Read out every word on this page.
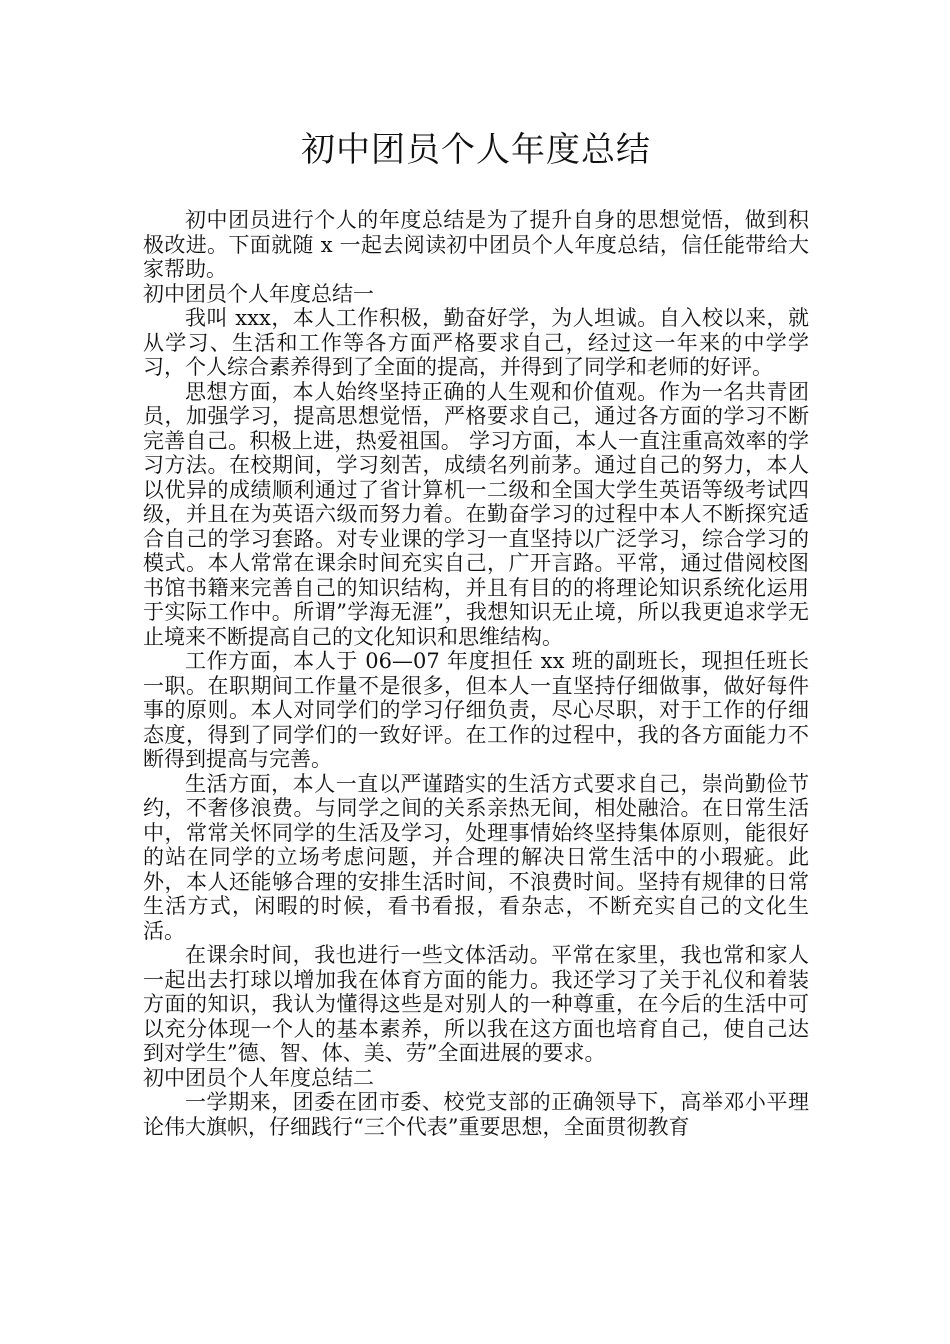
初中团员个人年度总结

初中团员进行个人的年度总结是为了提升自身的思想觉悟，做到积极改进。下面就随 x 一起去阅读初中团员个人年度总结，信任能带给大家帮助。

初中团员个人年度总结一

我叫 xxx，本人工作积极，勤奋好学，为人坦诚。自入校以来，就从学习、生活和工作等各方面严格要求自己，经过这一年来的中学学习，个人综合素养得到了全面的提高，并得到了同学和老师的好评。

思想方面，本人始终坚持正确的人生观和价值观。作为一名共青团员，加强学习，提高思想觉悟，严格要求自己，通过各方面的学习不断完善自己。积极上进，热爱祖国。 学习方面，本人一直注重高效率的学习方法。在校期间，学习刻苦，成绩名列前茅。通过自己的努力，本人以优异的成绩顺利通过了省计算机一二级和全国大学生英语等级考试四级，并且在为英语六级而努力着。在勤奋学习的过程中本人不断探究适合自己的学习套路。对专业课的学习一直坚持以广泛学习，综合学习的模式。本人常常在课余时间充实自己，广开言路。平常，通过借阅校图书馆书籍来完善自己的知识结构，并且有目的的将理论知识系统化运用于实际工作中。所谓”学海无涯”，我想知识无止境，所以我更追求学无止境来不断提高自己的文化知识和思维结构。

工作方面，本人于 06—07 年度担任 xx 班的副班长，现担任班长一职。在职期间工作量不是很多，但本人一直坚持仔细做事，做好每件事的原则。本人对同学们的学习仔细负责，尽心尽职，对于工作的仔细态度，得到了同学们的一致好评。在工作的过程中，我的各方面能力不断得到提高与完善。

生活方面，本人一直以严谨踏实的生活方式要求自己，崇尚勤俭节约，不奢侈浪费。与同学之间的关系亲热无间，相处融洽。在日常生活中，常常关怀同学的生活及学习，处理事情始终坚持集体原则，能很好的站在同学的立场考虑问题，并合理的解决日常生活中的小瑕疵。此外，本人还能够合理的安排生活时间，不浪费时间。坚持有规律的日常生活方式，闲暇的时候，看书看报，看杂志，不断充实自己的文化生活。

在课余时间，我也进行一些文体活动。平常在家里，我也常和家人一起出去打球以增加我在体育方面的能力。我还学习了关于礼仪和着装方面的知识，我认为懂得这些是对别人的一种尊重，在今后的生活中可以充分体现一个人的基本素养，所以我在这方面也培育自己，使自己达到对学生”德、智、体、美、劳”全面进展的要求。

初中团员个人年度总结二

一学期来，团委在团市委、校党支部的正确领导下，高举邓小平理论伟大旗帜，仔细践行“三个代表”重要思想，全面贯彻教育
